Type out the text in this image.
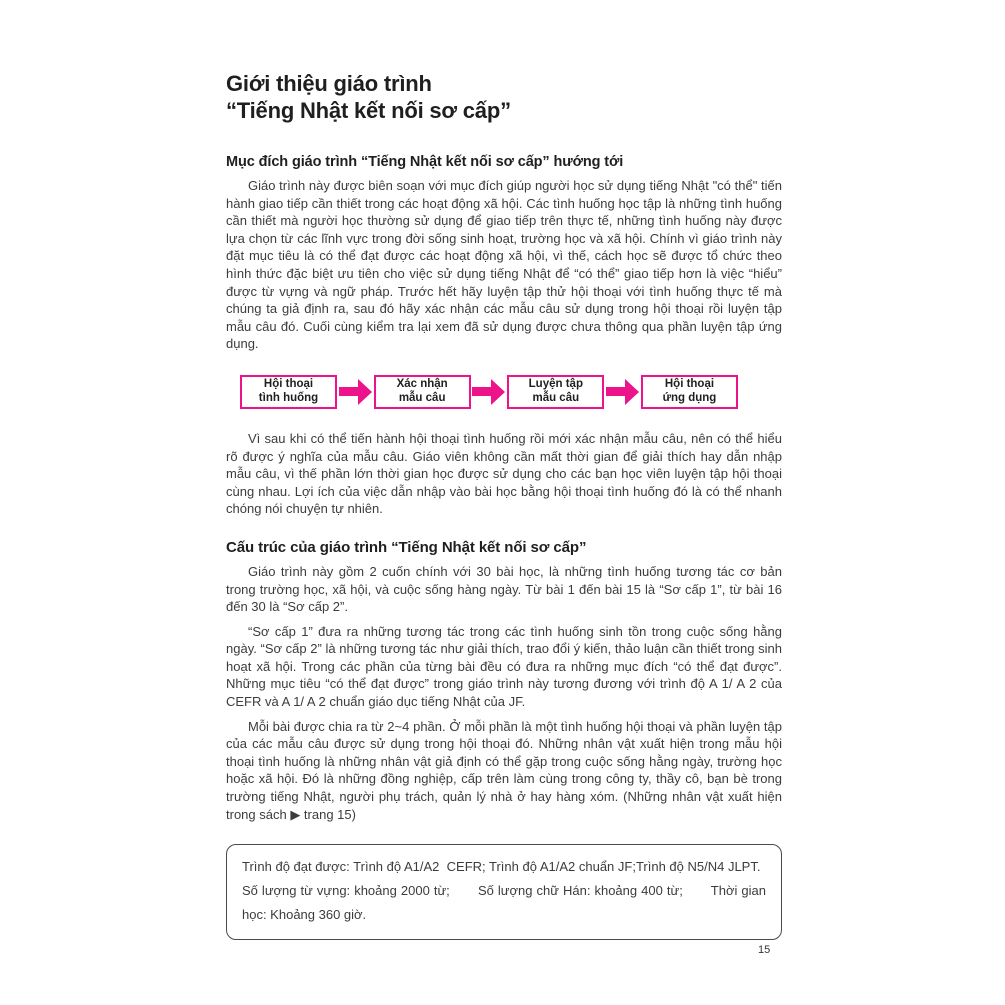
Giới thiệu giáo trình
“Tiếng Nhật kết nối sơ cấp”
Mục đích giáo trình “Tiếng Nhật kết nối sơ cấp” hướng tới

Giáo trình này được biên soạn với mục đích giúp người học sử dụng tiếng Nhật "có thể" tiến hành giao tiếp cần thiết trong các hoạt động xã hội. Các tình huống học tập là những tình huống cần thiết mà người học thường sử dụng để giao tiếp trên thực tế, những tình huống này được lựa chọn từ các lĩnh vực trong đời sống sinh hoạt, trường học và xã hội. Chính vì giáo trình này đặt mục tiêu là có thể đạt được các hoạt động xã hội, vì thế, cách học sẽ được tổ chức theo hình thức đặc biệt ưu tiên cho việc sử dụng tiếng Nhật để “có thể” giao tiếp hơn là việc “hiểu” được từ vựng và ngữ pháp. Trước hết hãy luyện tập thử hội thoại với tình huống thực tế mà chúng ta giả định ra, sau đó hãy xác nhận các mẫu câu sử dụng trong hội thoại rồi luyện tập mẫu câu đó. Cuối cùng kiểm tra lại xem đã sử dụng được chưa thông qua phần luyện tập ứng dụng.

Hội thoại
tình huống
Xác nhận
mẫu câu
Luyện tập
mẫu câu
Hội thoại
ứng dụng

Vì sau khi có thể tiến hành hội thoại tình huống rồi mới xác nhận mẫu câu, nên có thể hiểu rõ được ý nghĩa của mẫu câu. Giáo viên không cần mất thời gian để giải thích hay dẫn nhập mẫu câu, vì thế phần lớn thời gian học được sử dụng cho các bạn học viên luyện tập hội thoại cùng nhau. Lợi ích của việc dẫn nhập vào bài học bằng hội thoại tình huống đó là có thể nhanh chóng nói chuyện tự nhiên.

Cấu trúc của giáo trình “Tiếng Nhật kết nối sơ cấp”

Giáo trình này gồm 2 cuốn chính với 30 bài học, là những tình huống tương tác cơ bản trong trường học, xã hội, và cuộc sống hàng ngày. Từ bài 1 đến bài 15 là “Sơ cấp 1”, từ bài 16 đến 30 là “Sơ cấp 2”.

“Sơ cấp 1” đưa ra những tương tác trong các tình huống sinh tồn trong cuộc sống hằng ngày. “Sơ cấp 2” là những tương tác như giải thích, trao đổi ý kiến, thảo luận cần thiết trong sinh hoạt xã hội. Trong các phần của từng bài đều có đưa ra những mục đích “có thể đạt được”. Những mục tiêu “có thể đạt được” trong giáo trình này tương đương với trình độ A 1/ A 2 của CEFR và A 1/ A 2 chuẩn giáo dục tiếng Nhật của JF.

Mỗi bài được chia ra từ 2~4 phần. Ở mỗi phần là một tình huống hội thoại và phần luyện tập của các mẫu câu được sử dụng trong hội thoại đó. Những nhân vật xuất hiện trong mẫu hội thoại tình huống là những nhân vật giả định có thể gặp trong cuộc sống hằng ngày, trường học hoặc xã hội. Đó là những đồng nghiệp, cấp trên làm cùng trong công ty, thầy cô, bạn bè trong trường tiếng Nhật, người phụ trách, quản lý nhà ở hay hàng xóm. (Những nhân vật xuất hiện trong sách ▶ trang 15)

Trình độ đạt được: Trình độ A1/A2  CEFR; Trình độ A1/A2 chuẩn JF;Trình độ N5/N4 JLPT.

Số lượng từ vựng: khoảng 2000 từ;       Số lượng chữ Hán: khoảng 400 từ;       Thời gian học: Khoảng 360 giờ.

15
